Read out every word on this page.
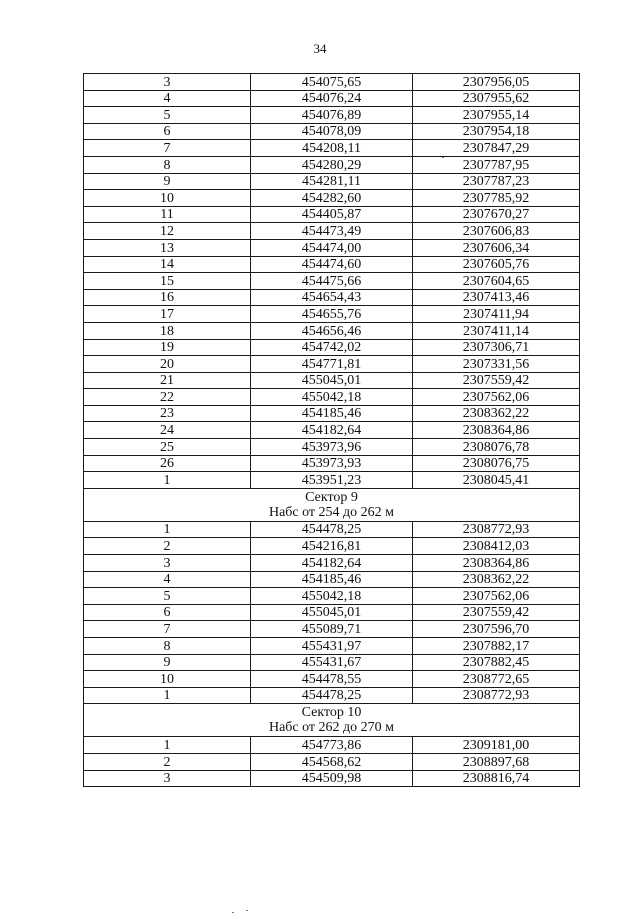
34
3	454075,65	2307956,05
4	454076,24	2307955,62
5	454076,89	2307955,14
6	454078,09	2307954,18
7	454208,11	2307847,29
8	454280,29	2307787,95
9	454281,11	2307787,23
10	454282,60	2307785,92
11	454405,87	2307670,27
12	454473,49	2307606,83
13	454474,00	2307606,34
14	454474,60	2307605,76
15	454475,66	2307604,65
16	454654,43	2307413,46
17	454655,76	2307411,94
18	454656,46	2307411,14
19	454742,02	2307306,71
20	454771,81	2307331,56
21	455045,01	2307559,42
22	455042,18	2307562,06
23	454185,46	2308362,22
24	454182,64	2308364,86
25	453973,96	2308076,78
26	453973,93	2308076,75
1	453951,23	2308045,41

Сектор 9
Набс от 254 до 262 м		

1	454478,25	2308772,93
2	454216,81	2308412,03
3	454182,64	2308364,86
4	454185,46	2308362,22
5	455042,18	2307562,06
6	455045,01	2307559,42
7	455089,71	2307596,70
8	455431,97	2307882,17
9	455431,67	2307882,45
10	454478,55	2308772,65
1	454478,25	2308772,93

Сектор 10
Набс от 262 до 270 м		

1	454773,86	2309181,00
2	454568,62	2308897,68
3	454509,98	2308816,74
